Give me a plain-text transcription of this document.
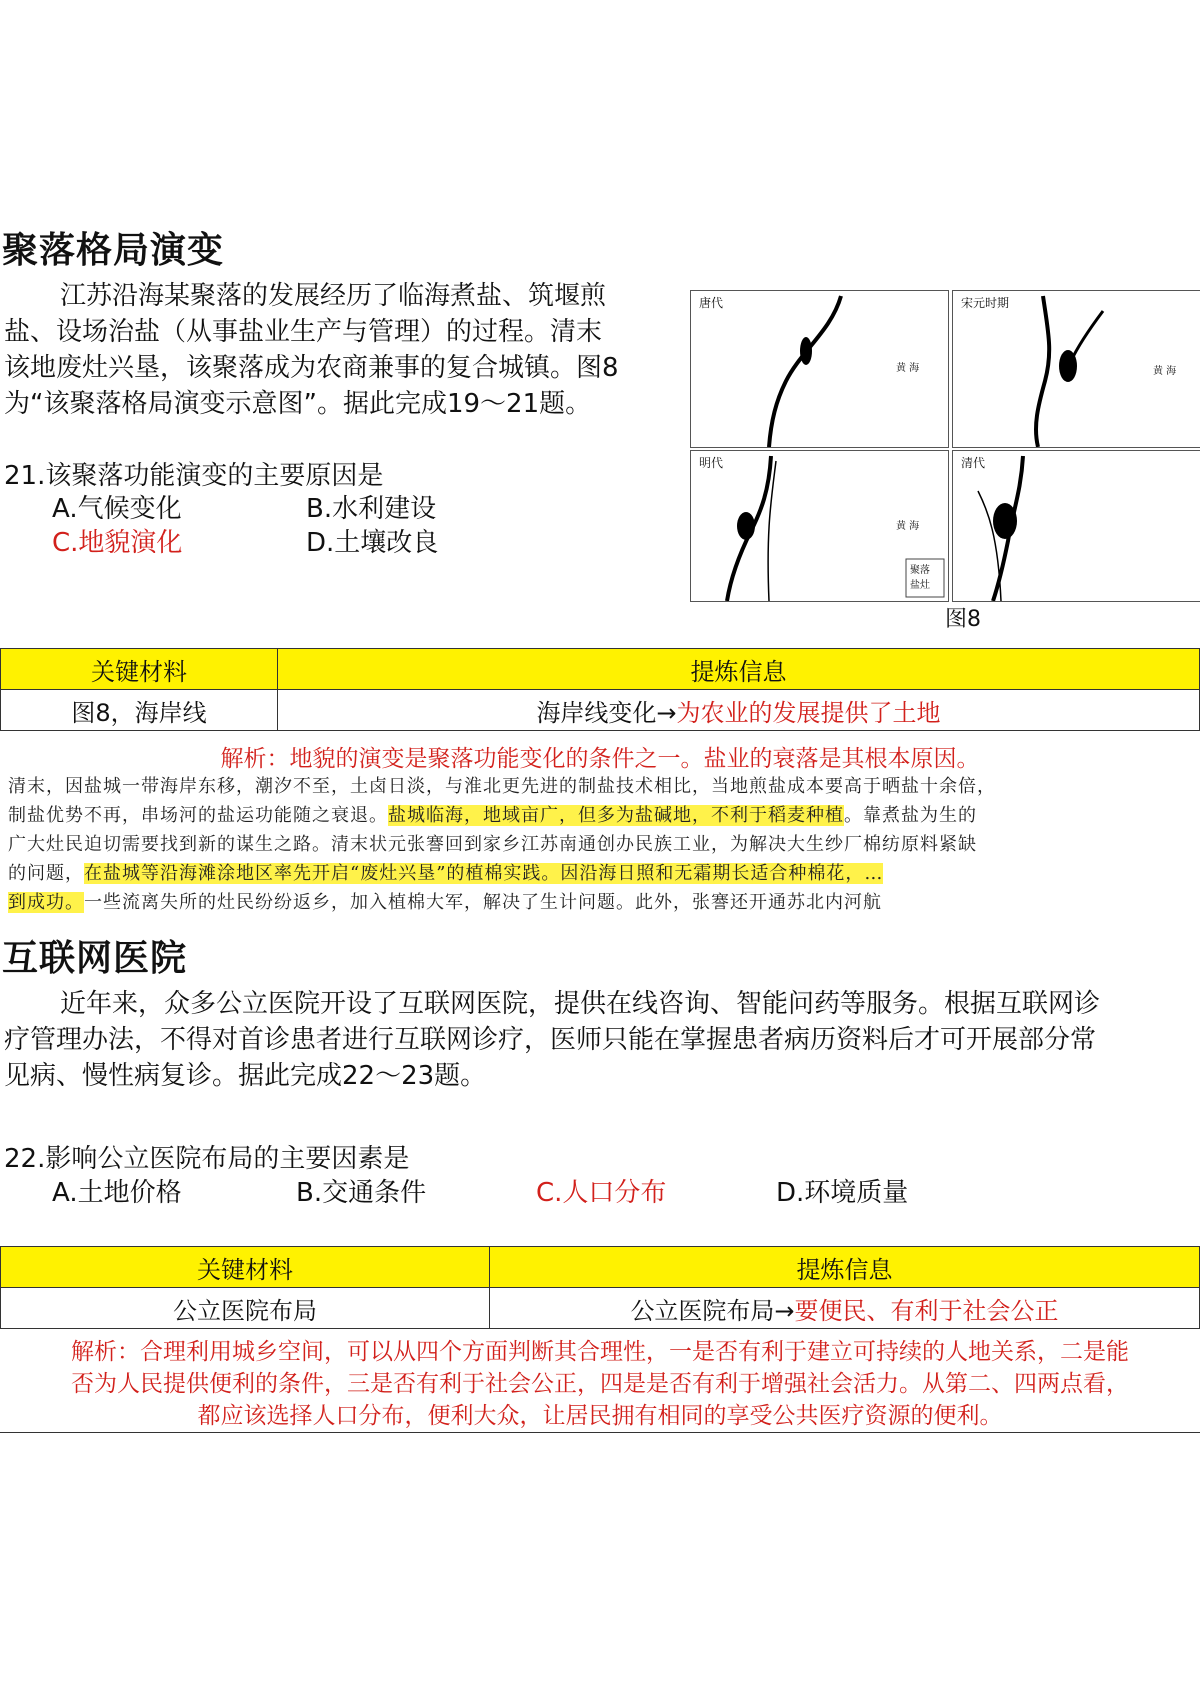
聚落格局演变
江苏沿海某聚落的发展经历了临海煮盐、筑堰煎
盐、设场治盐（从事盐业生产与管理）的过程。清末
该地废灶兴垦，该聚落成为农商兼事的复合城镇。图8
为“该聚落格局演变示意图”。据此完成19～21题。
唐代
黄 海
宋元时期
黄 海
明代
黄 海
聚落
盐灶
清代
图8
21.该聚落功能演变的主要原因是
A.气候变化	B.水利建设
C.地貌演化	D.土壤改良
关键材料	提炼信息
图8，海岸线	海岸线变化→为农业的发展提供了土地
解析：地貌的演变是聚落功能变化的条件之一。盐业的衰落是其根本原因。
清末，因盐城一带海岸东移，潮汐不至，土卤日淡，与淮北更先进的制盐技术相比，当地煎盐成本要高于晒盐十余倍，
制盐优势不再，串场河的盐运功能随之衰退。盐城临海，地域亩广，但多为盐碱地，不利于稻麦种植。靠煮盐为生的
广大灶民迫切需要找到新的谋生之路。清末状元张謇回到家乡江苏南通创办民族工业，为解决大生纱厂棉纺原料紧缺
的问题，在盐城等沿海滩涂地区率先开启“废灶兴垦”的植棉实践。因沿海日照和无霜期长适合种棉花，…
到成功。一些流离失所的灶民纷纷返乡，加入植棉大军，解决了生计问题。此外，张謇还开通苏北内河航
互联网医院
近年来，众多公立医院开设了互联网医院，提供在线咨询、智能问药等服务。根据互联网诊
疗管理办法，不得对首诊患者进行互联网诊疗，医师只能在掌握患者病历资料后才可开展部分常
见病、慢性病复诊。据此完成22～23题。
22.影响公立医院布局的主要因素是
A.土地价格	B.交通条件	C.人口分布	D.环境质量
关键材料	提炼信息
公立医院布局	公立医院布局→要便民、有利于社会公正
解析：合理利用城乡空间，可以从四个方面判断其合理性，一是否有利于建立可持续的人地关系，二是能
否为人民提供便利的条件，三是否有利于社会公正，四是是否有利于增强社会活力。从第二、四两点看，
都应该选择人口分布，便利大众，让居民拥有相同的享受公共医疗资源的便利。
